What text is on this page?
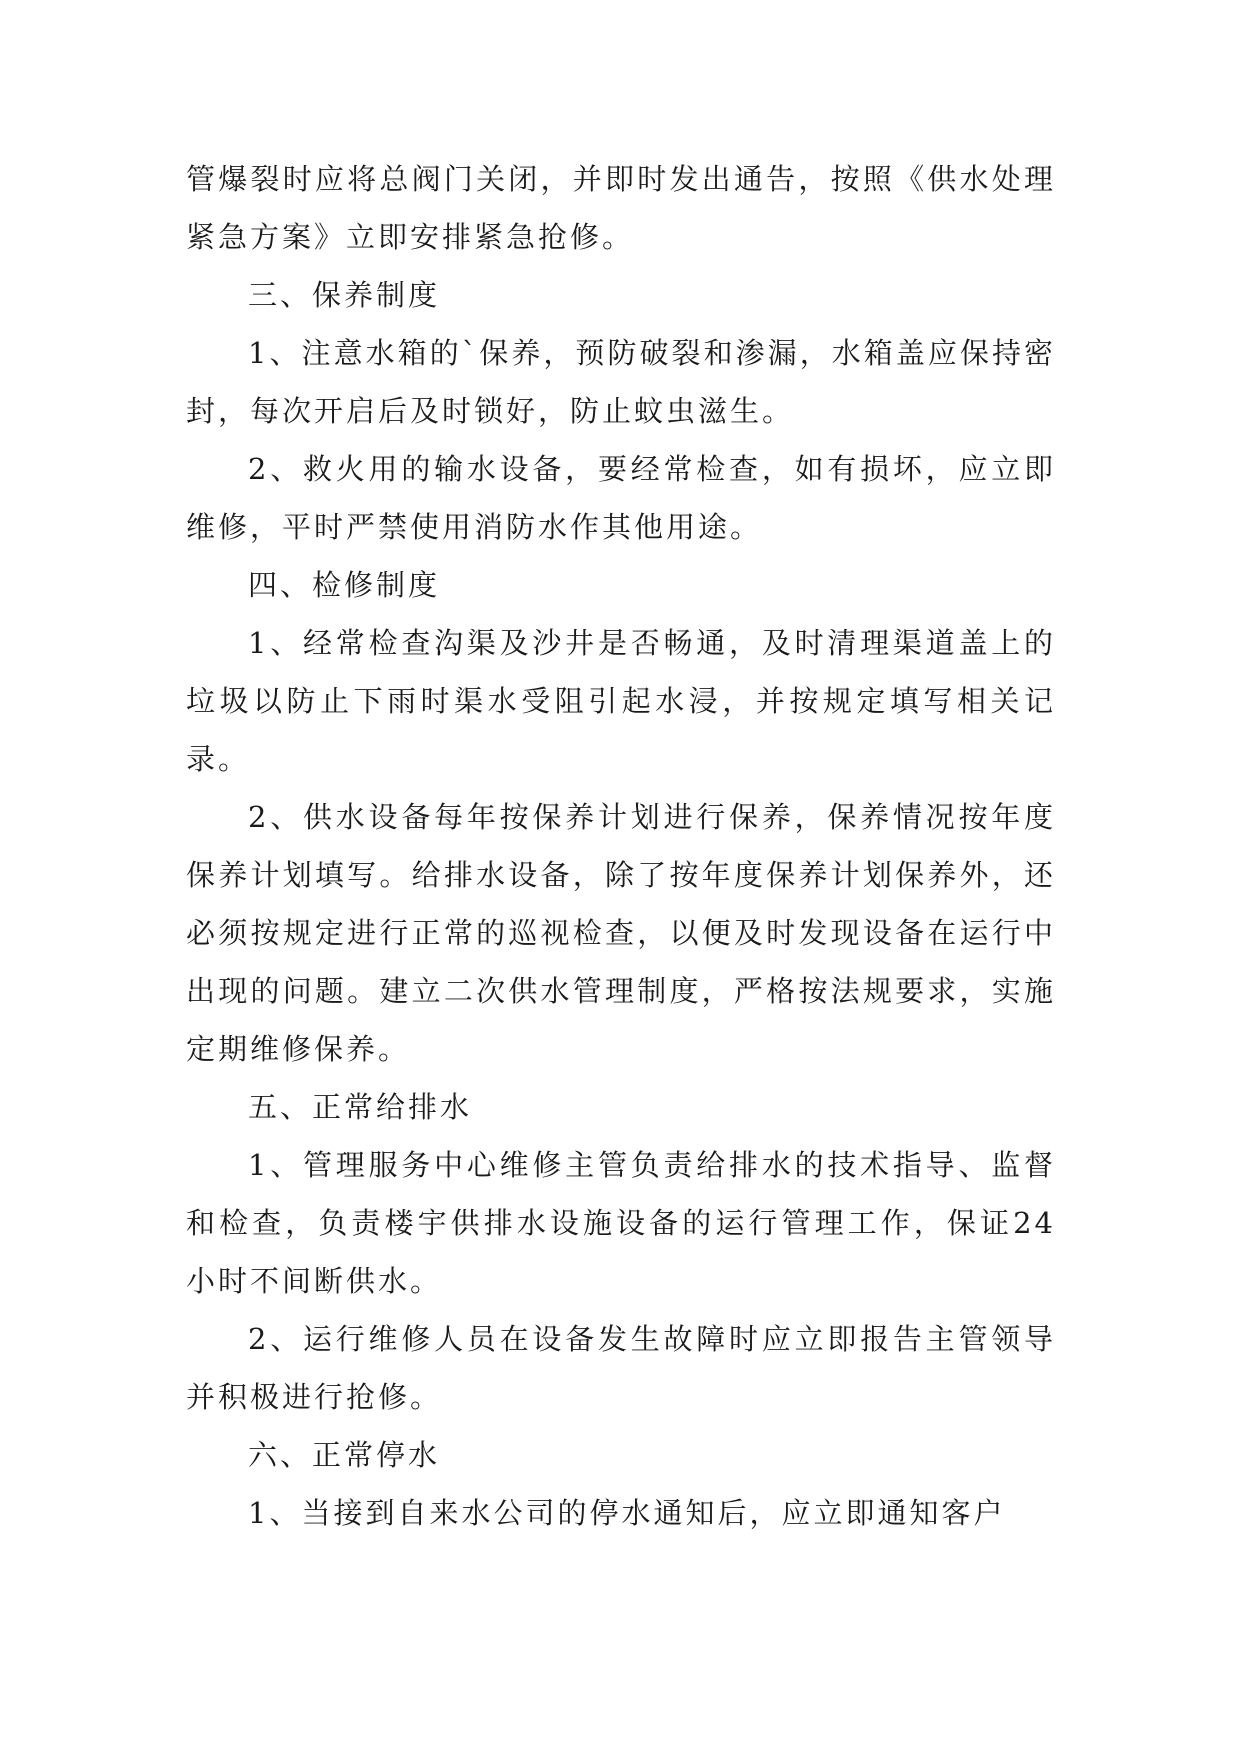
管爆裂时应将总阀门关闭，并即时发出通告，按照《供水处理紧急方案》立即安排紧急抢修。

三、保养制度

1、注意水箱的`保养，预防破裂和渗漏，水箱盖应保持密封，每次开启后及时锁好，防止蚊虫滋生。

2、救火用的输水设备，要经常检查，如有损坏，应立即维修，平时严禁使用消防水作其他用途。

四、检修制度

1、经常检查沟渠及沙井是否畅通，及时清理渠道盖上的垃圾以防止下雨时渠水受阻引起水浸，并按规定填写相关记录。

2、供水设备每年按保养计划进行保养，保养情况按年度保养计划填写。给排水设备，除了按年度保养计划保养外，还必须按规定进行正常的巡视检查，以便及时发现设备在运行中出现的问题。建立二次供水管理制度，严格按法规要求，实施定期维修保养。

五、正常给排水

1、管理服务中心维修主管负责给排水的技术指导、监督和检查，负责楼宇供排水设施设备的运行管理工作，保证24小时不间断供水。

2、运行维修人员在设备发生故障时应立即报告主管领导并积极进行抢修。

六、正常停水

1、当接到自来水公司的停水通知后，应立即通知客户
